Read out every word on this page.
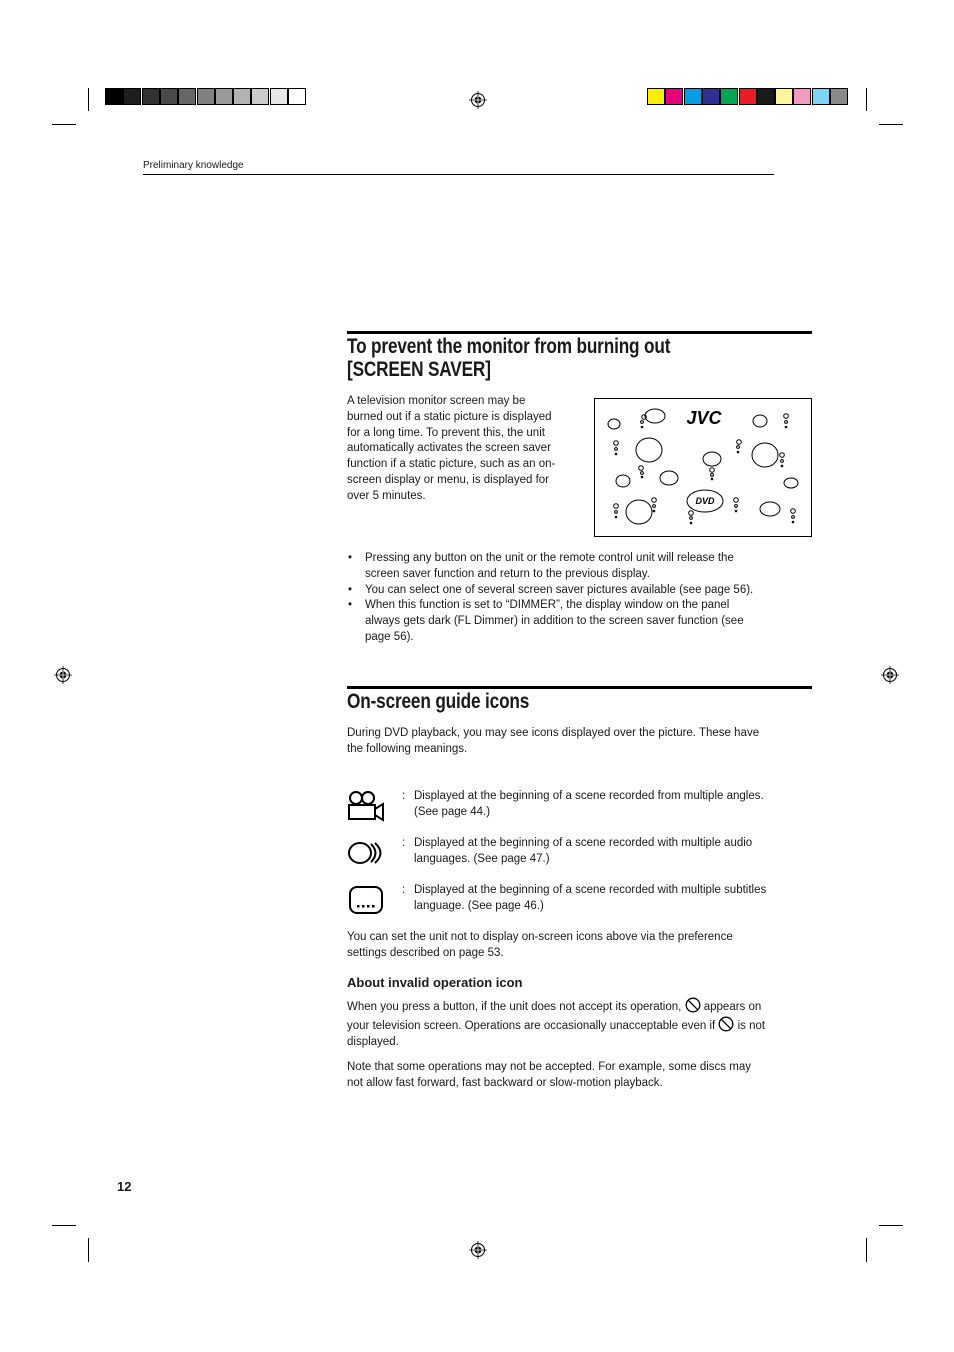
Preliminary knowledge
To prevent the monitor from burning out
[SCREEN SAVER]
A television monitor screen may be
burned out if a static picture is displayed
for a long time. To prevent this, the unit
automatically activates the screen saver
function if a static picture, such as an on-
screen display or menu, is displayed for
over 5 minutes.
JVC
DVD
• Pressing any button on the unit or the remote control unit will release the
screen saver function and return to the previous display.
• You can select one of several screen saver pictures available (see page 56).
• When this function is set to “DIMMER”, the display window on the panel
always gets dark (FL Dimmer) in addition to the screen saver function (see
page 56).
On-screen guide icons
During DVD playback, you may see icons displayed over the picture. These have
the following meanings.
: Displayed at the beginning of a scene recorded from multiple angles.
(See page 44.)
: Displayed at the beginning of a scene recorded with multiple audio
languages. (See page 47.)
: Displayed at the beginning of a scene recorded with multiple subtitles
language. (See page 46.)
You can set the unit not to display on-screen icons above via the preference
settings described on page 53.
About invalid operation icon
When you press a button, if the unit does not accept its operation,  appears on
your television screen. Operations are occasionally unacceptable even if  is not
displayed.
Note that some operations may not be accepted. For example, some discs may
not allow fast forward, fast backward or slow-motion playback.
12
